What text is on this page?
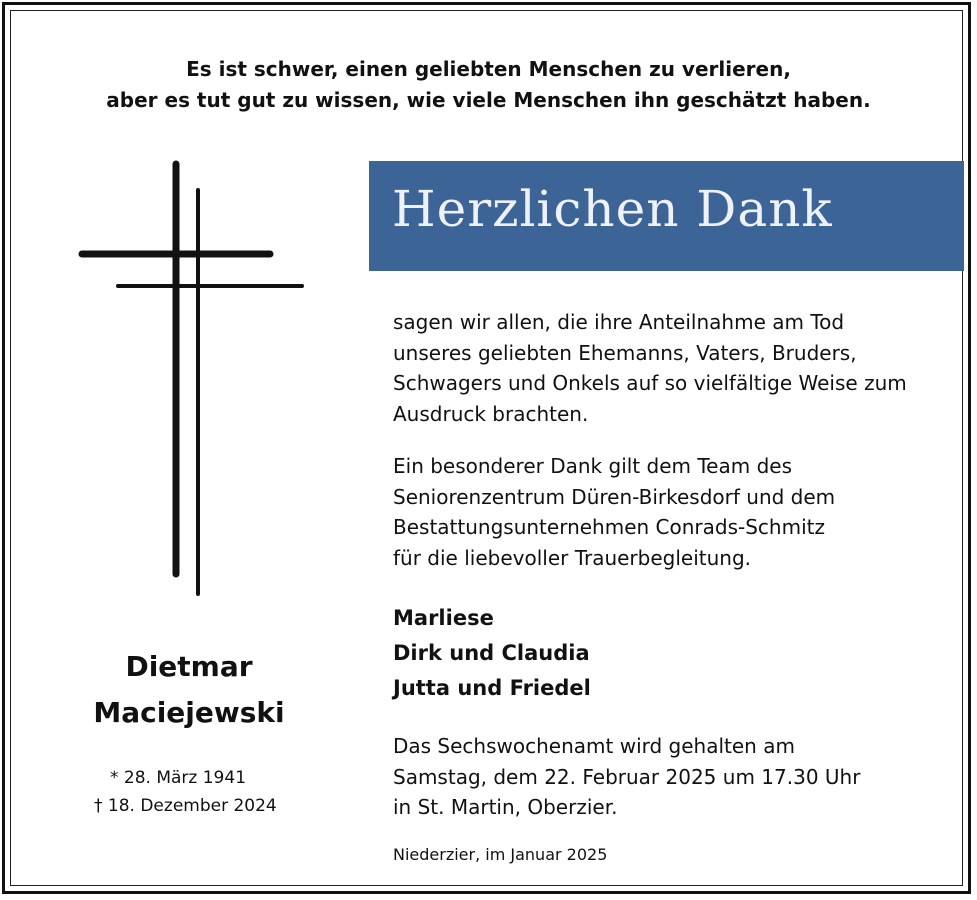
Es ist schwer, einen geliebten Menschen zu verlieren,
aber es tut gut zu wissen, wie viele Menschen ihn geschätzt haben.
Herzlichen Dank
sagen wir allen, die ihre Anteilnahme am Tod
unseres geliebten Ehemanns, Vaters, Bruders,
Schwagers und Onkels auf so vielfältige Weise zum
Ausdruck brachten.
Ein besonderer Dank gilt dem Team des
Seniorenzentrum Düren-Birkesdorf und dem
Bestattungsunternehmen Conrads-Schmitz
für die liebevoller Trauerbegleitung.
Marliese
Dirk und Claudia
Jutta und Friedel
Das Sechswochenamt wird gehalten am
Samstag, dem 22. Februar 2025 um 17.30 Uhr
in St. Martin, Oberzier.
Niederzier, im Januar 2025
Dietmar
Maciejewski
* 28. März 1941
† 18. Dezember 2024
